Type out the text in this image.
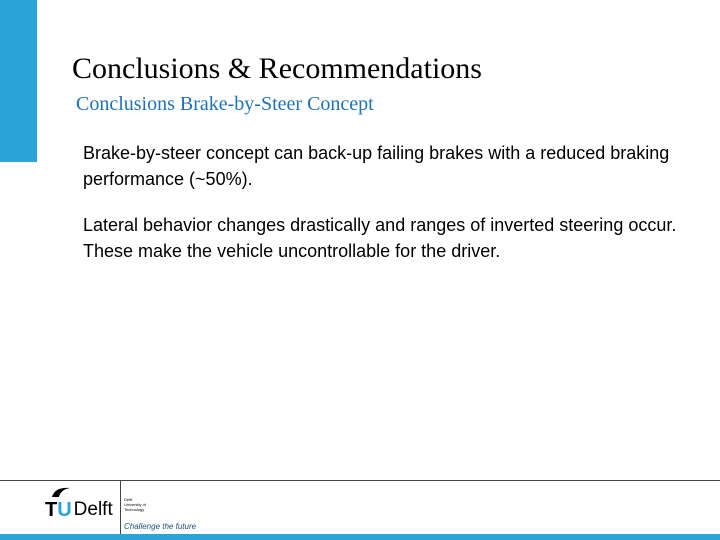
Conclusions & Recommendations
Conclusions Brake-by-Steer Concept
Brake-by-steer concept can back-up failing brakes with a reduced braking performance (~50%).
Lateral behavior changes drastically and ranges of inverted steering occur. These make the vehicle uncontrollable for the driver.
T U Delft	Delft
University of
Technology
Challenge the future
